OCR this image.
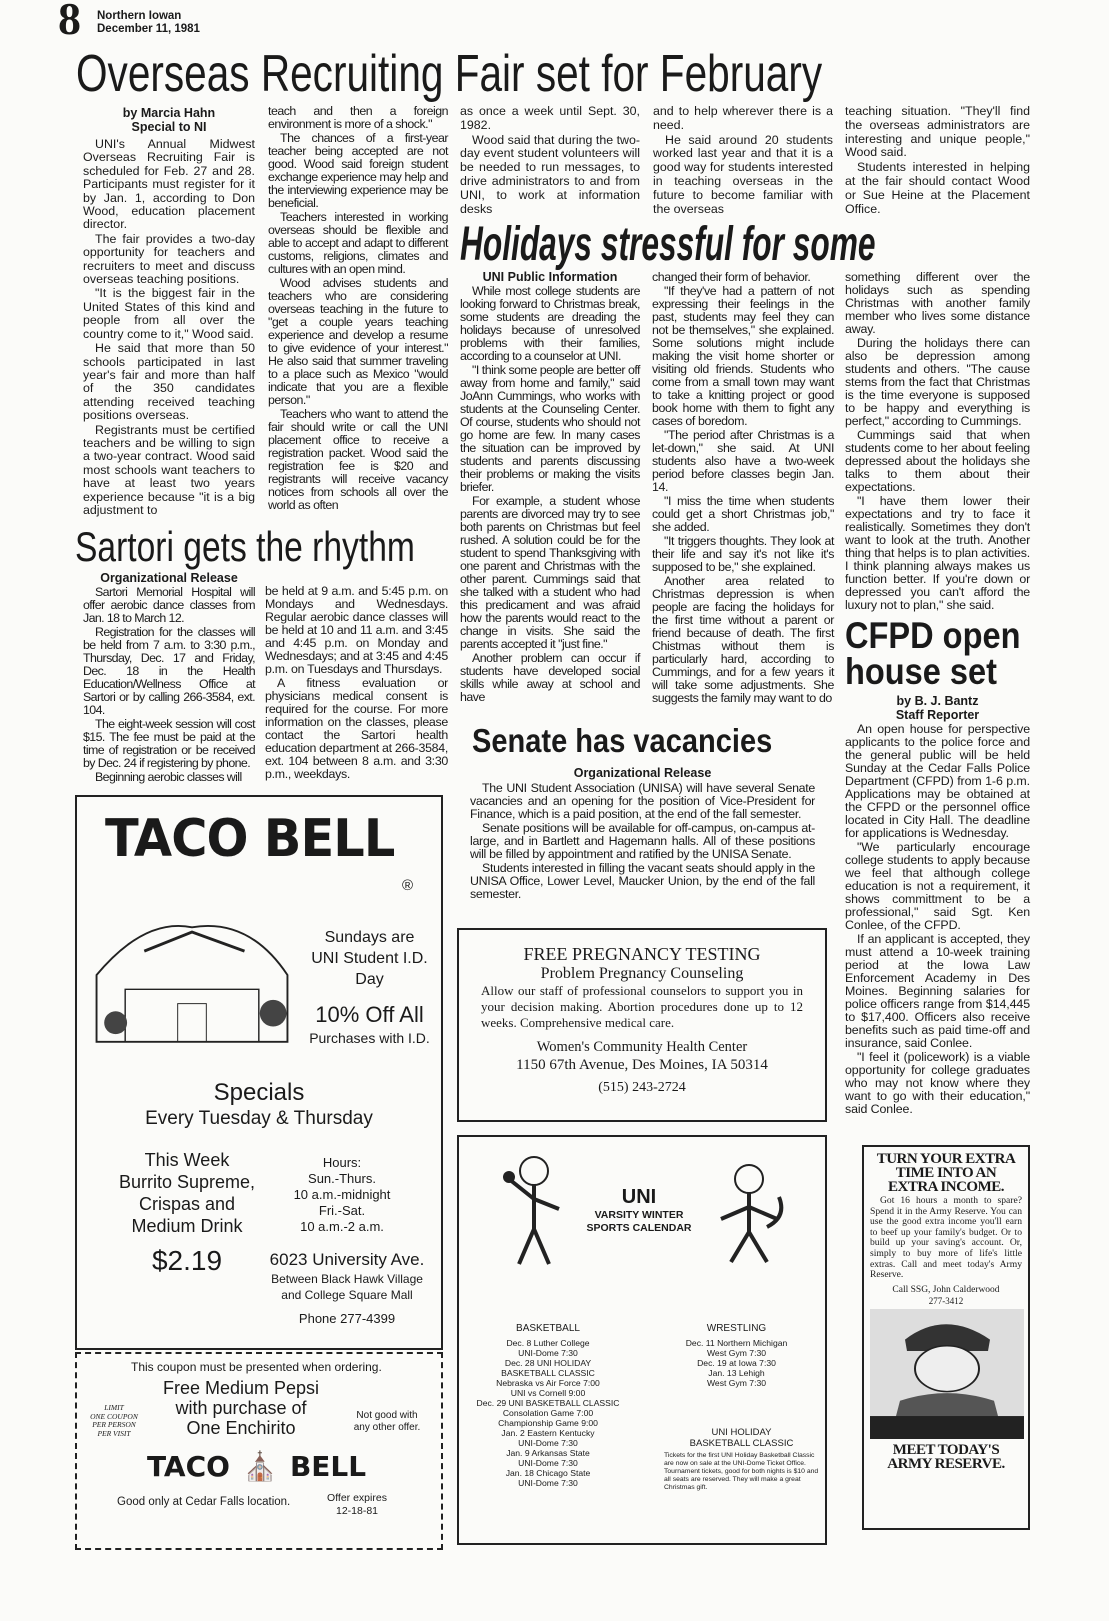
8 Northern Iowan
December 11, 1981
Overseas Recruiting Fair set for February
by Marcia Hahn
Special to NI

UNI's Annual Midwest Overseas Recruiting Fair is scheduled for Feb. 27 and 28. Participants must register for it by Jan. 1, according to Don Wood, education placement director.

The fair provides a two-day opportunity for teachers and recruiters to meet and discuss overseas teaching positions.

"It is the biggest fair in the United States of this kind and people from all over the country come to it," Wood said.

He said that more than 50 schools participated in last year's fair and more than half of the 350 candidates attending received teaching positions overseas.

Registrants must be certified teachers and be willing to sign a two-year contract. Wood said most schools want teachers to have at least two years experience because "it is a big adjustment to

teach and then a foreign environment is more of a shock."

The chances of a first-year teacher being accepted are not good. Wood said foreign student exchange experience may help and the interviewing experience may be beneficial.

Teachers interested in working overseas should be flexible and able to accept and adapt to different customs, religions, climates and cultures with an open mind.

Wood advises students and teachers who are considering overseas teaching in the future to "get a couple years teaching experience and develop a resume to give evidence of your interest." He also said that summer traveling to a place such as Mexico "would indicate that you are a flexible person."

Teachers who want to attend the fair should write or call the UNI placement office to receive a registration packet. Wood said the registration fee is $20 and registrants will receive vacancy notices from schools all over the world as often

as once a week until Sept. 30, 1982.

Wood said that during the two-day event student volunteers will be needed to run messages, to drive administrators to and from UNI, to work at information desks

and to help wherever there is a need.

He said around 20 students worked last year and that it is a good way for students interested in teaching overseas in the future to become familiar with the overseas

teaching situation. "They'll find the overseas administrators are interesting and unique people," Wood said.

Students interested in helping at the fair should contact Wood or Sue Heine at the Placement Office.

Holidays stressful for some
UNI Public Information

While most college students are looking forward to Christmas break, some students are dreading the holidays because of unresolved problems with their families, according to a counselor at UNI.

"I think some people are better off away from home and family," said JoAnn Cummings, who works with students at the Counseling Center. Of course, students who should not go home are few. In many cases the situation can be improved by students and parents discussing their problems or making the visits briefer.

For example, a student whose parents are divorced may try to see both parents on Christmas but feel rushed. A solution could be for the student to spend Thanksgiving with one parent and Christmas with the other parent. Cummings said that she talked with a student who had this predicament and was afraid how the parents would react to the change in visits. She said the parents accepted it "just fine."

Another problem can occur if students have developed social skills while away at school and have

changed their form of behavior.

"If they've had a pattern of not expressing their feelings in the past, students may feel they can not be themselves," she explained. Some solutions might include making the visit home shorter or visiting old friends. Students who come from a small town may want to take a knitting project or good book home with them to fight any cases of boredom.

"The period after Christmas is a let-down," she said. At UNI students also have a two-week period before classes begin Jan. 14.

"I miss the time when students could get a short Christmas job," she added.

"It triggers thoughts. They look at their life and say it's not like it's supposed to be," she explained.

Another area related to Christmas depression is when people are facing the holidays for the first time without a parent or friend because of death. The first Chistmas without them is particularly hard, according to Cummings, and for a few years it will take some adjustments. She suggests the family may want to do

something different over the holidays such as spending Christmas with another family member who lives some distance away.

During the holidays there can also be depression among students and others. "The cause stems from the fact that Christmas is the time everyone is supposed to be happy and everything is perfect," according to Cummings.

Cummings said that when students come to her about feeling depressed about the holidays she talks to them about their expectations.

"I have them lower their expectations and try to face it realistically. Sometimes they don't want to look at the truth. Another thing that helps is to plan activities. I think planning always makes us function better. If you're down or depressed you can't afford the luxury not to plan," she said.

Sartori gets the rhythm
Organizational Release

Sartori Memorial Hospital will offer aerobic dance classes from Jan. 18 to March 12.

Registration for the classes will be held from 7 a.m. to 3:30 p.m., Thursday, Dec. 17 and Friday, Dec. 18 in the Health Education/Wellness Office at Sartori or by calling 266-3584, ext. 104.

The eight-week session will cost $15. The fee must be paid at the time of registration or be received by Dec. 24 if registering by phone.

Beginning aerobic classes will

be held at 9 a.m. and 5:45 p.m. on Mondays and Wednesdays. Regular aerobic dance classes will be held at 10 and 11 a.m. and 3:45 and 4:45 p.m. on Monday and Wednesdays; and at 3:45 and 4:45 p.m. on Tuesdays and Thursdays.

A fitness evaluation or physicians medical consent is required for the course. For more information on the classes, please contact the Sartori health education department at 266-3584, ext. 104 between 8 a.m. and 3:30 p.m., weekdays.

Senate has vacancies
Organizational Release

The UNI Student Association (UNISA) will have several Senate vacancies and an opening for the position of Vice-President for Finance, which is a paid position, at the end of the fall semester.

Senate positions will be available for off-campus, on-campus at-large, and in Bartlett and Hagemann halls. All of these positions will be filled by appointment and ratified by the UNISA Senate.

Students interested in filling the vacant seats should apply in the UNISA Office, Lower Level, Maucker Union, by the end of the fall semester.

CFPD open
house set
by B. J. Bantz
Staff Reporter

An open house for perspective applicants to the police force and the general public will be held Sunday at the Cedar Falls Police Department (CFPD) from 1-6 p.m. Applications may be obtained at the CFPD or the personnel office located in City Hall. The deadline for applications is Wednesday.

"We particularly encourage college students to apply because we feel that although college education is not a requirement, it shows committment to be a professional," said Sgt. Ken Conlee, of the CFPD.

If an applicant is accepted, they must attend a 10-week training period at the Iowa Law Enforcement Academy in Des Moines. Beginning salaries for police officers range from $14,445 to $17,400. Officers also receive benefits such as paid time-off and insurance, said Conlee.

"I feel it (policework) is a viable opportunity for college graduates who may not know where they want to go with their education," said Conlee.

TACO BELL
®
Sundays are
UNI Student I.D.
Day
10% Off All
Purchases with I.D.
Specials
Every Tuesday & Thursday
This Week
Burrito Supreme,
Crispas and
Medium Drink
$2.19
Hours:
Sun.-Thurs.
10 a.m.-midnight
Fri.-Sat.
10 a.m.-2 a.m.
6023 University Ave.
Between Black Hawk Village
and College Square Mall
Phone 277-4399
This coupon must be presented when ordering.
Free Medium Pepsi
with purchase of
One Enchirito
LIMIT
ONE COUPON
PER PERSON
PER VISIT
Not good with
any other offer.
TACO ⛪ BELL
Good only at Cedar Falls location.	Offer expires
12-18-81
FREE PREGNANCY TESTING
Problem Pregnancy Counseling
Allow our staff of professional counselors to support you in your decision making. Abortion procedures done up to 12 weeks. Comprehensive medical care.
Women's Community Health Center
1150 67th Avenue, Des Moines, IA 50314
(515) 243-2724
UNI
VARSITY WINTER
SPORTS CALENDAR
BASKETBALL
Dec. 8 Luther College
UNI-Dome 7:30
Dec. 28 UNI HOLIDAY
BASKETBALL CLASSIC
Nebraska vs Air Force 7:00
UNI vs Cornell 9:00
Dec. 29 UNI BASKETBALL CLASSIC
Consolation Game 7:00
Championship Game 9:00
Jan. 2 Eastern Kentucky
UNI-Dome 7:30
Jan. 9 Arkansas State
UNI-Dome 7:30
Jan. 18 Chicago State
UNI-Dome 7:30
WRESTLING
Dec. 11 Northern Michigan
West Gym 7:30
Dec. 19 at Iowa 7:30
Jan. 13 Lehigh
West Gym 7:30
UNI HOLIDAY
BASKETBALL CLASSIC
Tickets for the first UNI Holiday Basketball Classic are now on sale at the UNI-Dome Ticket Office. Tournament tickets, good for both nights is $10 and all seats are reserved. They will make a great Christmas gift.
TURN YOUR EXTRA TIME INTO AN EXTRA INCOME.
Got 16 hours a month to spare? Spend it in the Army Reserve. You can use the good extra income you'll earn to beef up your family's budget. Or to build up your saving's account. Or, simply to buy more of life's little extras. Call and meet today's Army Reserve.
Call SSG, John Calderwood
277-3412
MEET TODAY'S ARMY RESERVE.
